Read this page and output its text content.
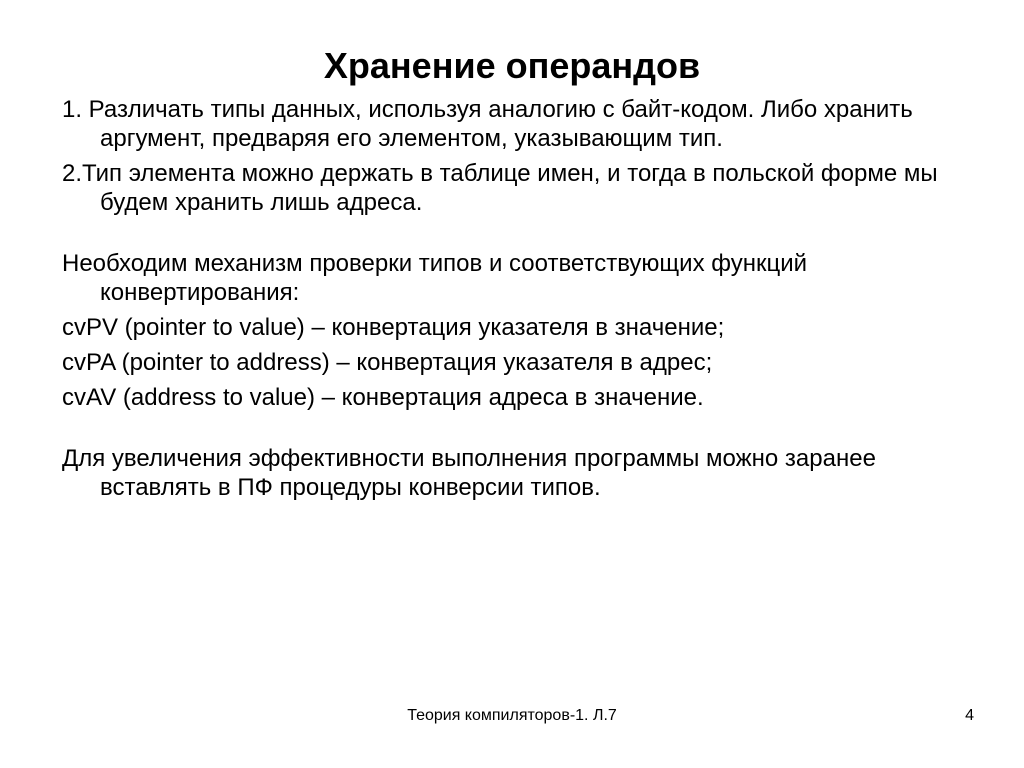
Хранение операндов

1. Различать типы данных, используя аналогию с байт-кодом. Либо хранить аргумент, предваряя его элементом, указывающим тип.

2.Тип элемента можно держать в таблице имен, и тогда в польской форме мы будем хранить лишь адреса.

Необходим механизм проверки типов и соответствующих функций конвертирования:

cvPV (pointer to value) – конвертация указателя в значение;

cvPA (pointer to address) – конвертация указателя в адрес;

cvAV (address to value) – конвертация адреса в значение.

Для увеличения эффективности выполнения программы можно заранее вставлять в ПФ процедуры конверсии типов.

Теория компиляторов-1. Л.7	4
